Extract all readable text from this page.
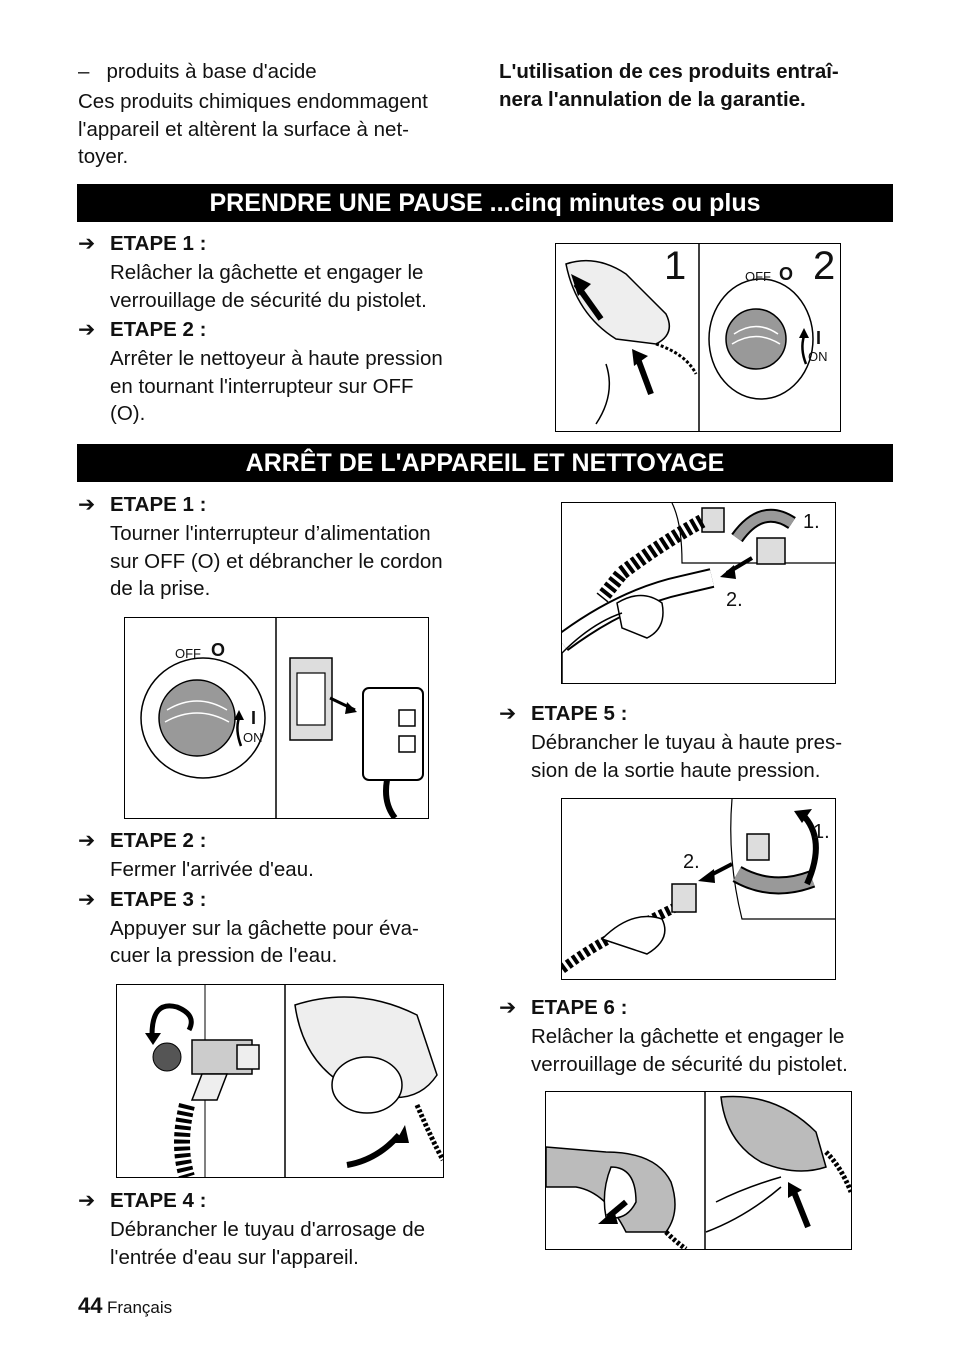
–   produits à base d'acide
Ces produits chimiques endommagent
l'appareil et altèrent la surface à net-
toyer.
L'utilisation de ces produits entraî-
nera l'annulation de la garantie.
PRENDRE UNE PAUSE ...cinq minutes ou plus
➔ ETAPE 1 :
Relâcher la gâchette et engager le
verrouillage de sécurité du pistolet.
➔ ETAPE 2 :
Arrêter le nettoyeur à haute pression
en tournant l'interrupteur sur OFF
(O).
1	2
OFF O
I
ON
ARRÊT DE L'APPAREIL ET NETTOYAGE
➔ ETAPE 1 :
Tourner l'interrupteur d’alimentation
sur OFF (O) et débrancher le cordon
de la prise.
OFF O
I
ON
➔ ETAPE 2 :
Fermer l'arrivée d'eau.
➔ ETAPE 3 :
Appuyer sur la gâchette pour éva-
cuer la pression de l'eau.
➔ ETAPE 4 :
Débrancher le tuyau d'arrosage de
l'entrée d'eau sur l'appareil.
1.
2.
➔ ETAPE 5 :
Débrancher le tuyau à haute pres-
sion de la sortie haute pression.
1.
2.
➔ ETAPE 6 :
Relâcher la gâchette et engager le
verrouillage de sécurité du pistolet.
44 Français
